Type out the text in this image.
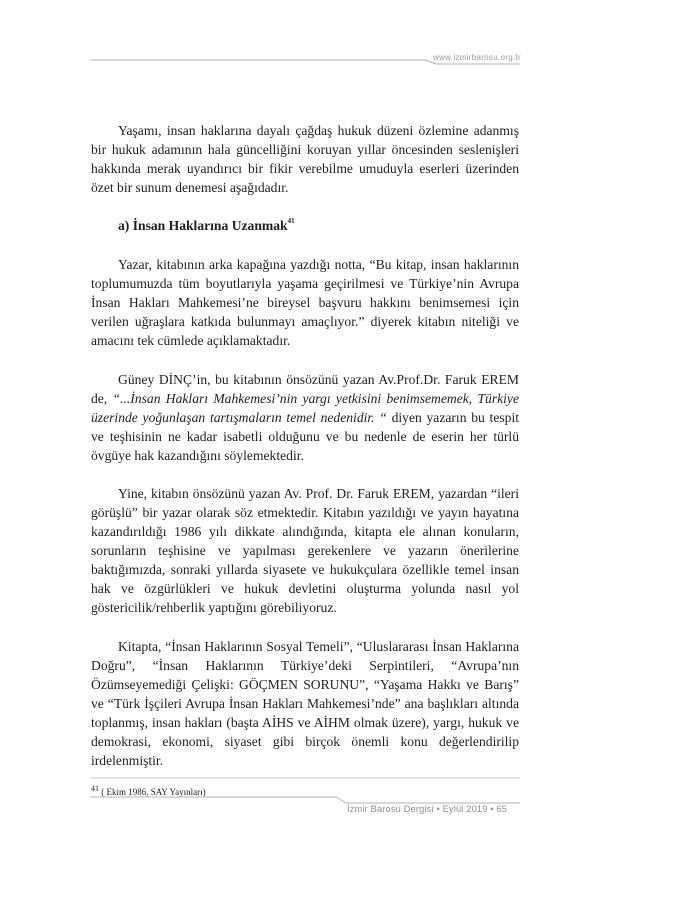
www.izmirbarosu.org.tr

Yaşamı, insan haklarına dayalı çağdaş hukuk düzeni özlemine adanmış bir hukuk adamının hala güncelliğini koruyan yıllar öncesinden seslenişleri hakkında merak uyandırıcı bir fikir verebilme umuduyla eserleri üzerinden özet bir sunum denemesi aşağıdadır.

a) İnsan Haklarına Uzanmak$^{41}$

Yazar, kitabının arka kapağına yazdığı notta, “Bu kitap, insan haklarının toplumumuzda tüm boyutlarıyla yaşama geçirilmesi ve Türkiye’nin Avrupa İnsan Hakları Mahkemesi’ne bireysel başvuru hakkını benimsemesi için verilen uğraşlara katkıda bulunmayı amaçlıyor.” diyerek kitabın niteliği ve amacını tek cümlede açıklamaktadır.

Güney DİNÇ’in, bu kitabının önsözünü yazan Av.Prof.Dr. Faruk EREM de, “...İnsan Hakları Mahkemesi’nin yargı yetkisini benimsememek, Türkiye üzerinde yoğunlaşan tartışmaların temel nedenidir. “ diyen yazarın bu tespit ve teşhisinin ne kadar isabetli olduğunu ve bu nedenle de eserin her türlü övgüye hak kazandığını söylemektedir.

Yine, kitabın önsözünü yazan Av. Prof. Dr. Faruk EREM, yazardan “ileri görüşlü” bir yazar olarak söz etmektedir. Kitabın yazıldığı ve yayın hayatına kazandırıldığı 1986 yılı dikkate alındığında, kitapta ele alınan konuların, sorunların teşhisine ve yapılması gerekenlere ve yazarın önerilerine baktığımızda, sonraki yıllarda siyasete ve hukukçulara özellikle temel insan hak ve özgürlükleri ve hukuk devletini oluşturma yolunda nasıl yol göstericilik/rehberlik yaptığını görebiliyoruz.

Kitapta, “İnsan Haklarının Sosyal Temeli”, “Uluslararası İnsan Haklarına Doğru”, “İnsan Haklarının Türkiye’deki Serpintileri, “Avrupa’nın Özümseyemediği Çelişki: GÖÇMEN SORUNU”, “Yaşama Hakkı ve Barış” ve “Türk İşçileri Avrupa İnsan Hakları Mahkemesi’nde” ana başlıkları altında toplanmış, insan hakları (başta AİHS ve AİHM olmak üzere), yargı, hukuk ve demokrasi, ekonomi, siyaset gibi birçok önemli konu değerlendirilip irdelenmiştir.

$^{41}$ ( Ekim 1986, SAY Yayınları)
İzmir Barosu Dergisi • Eylül 2019 • 65
